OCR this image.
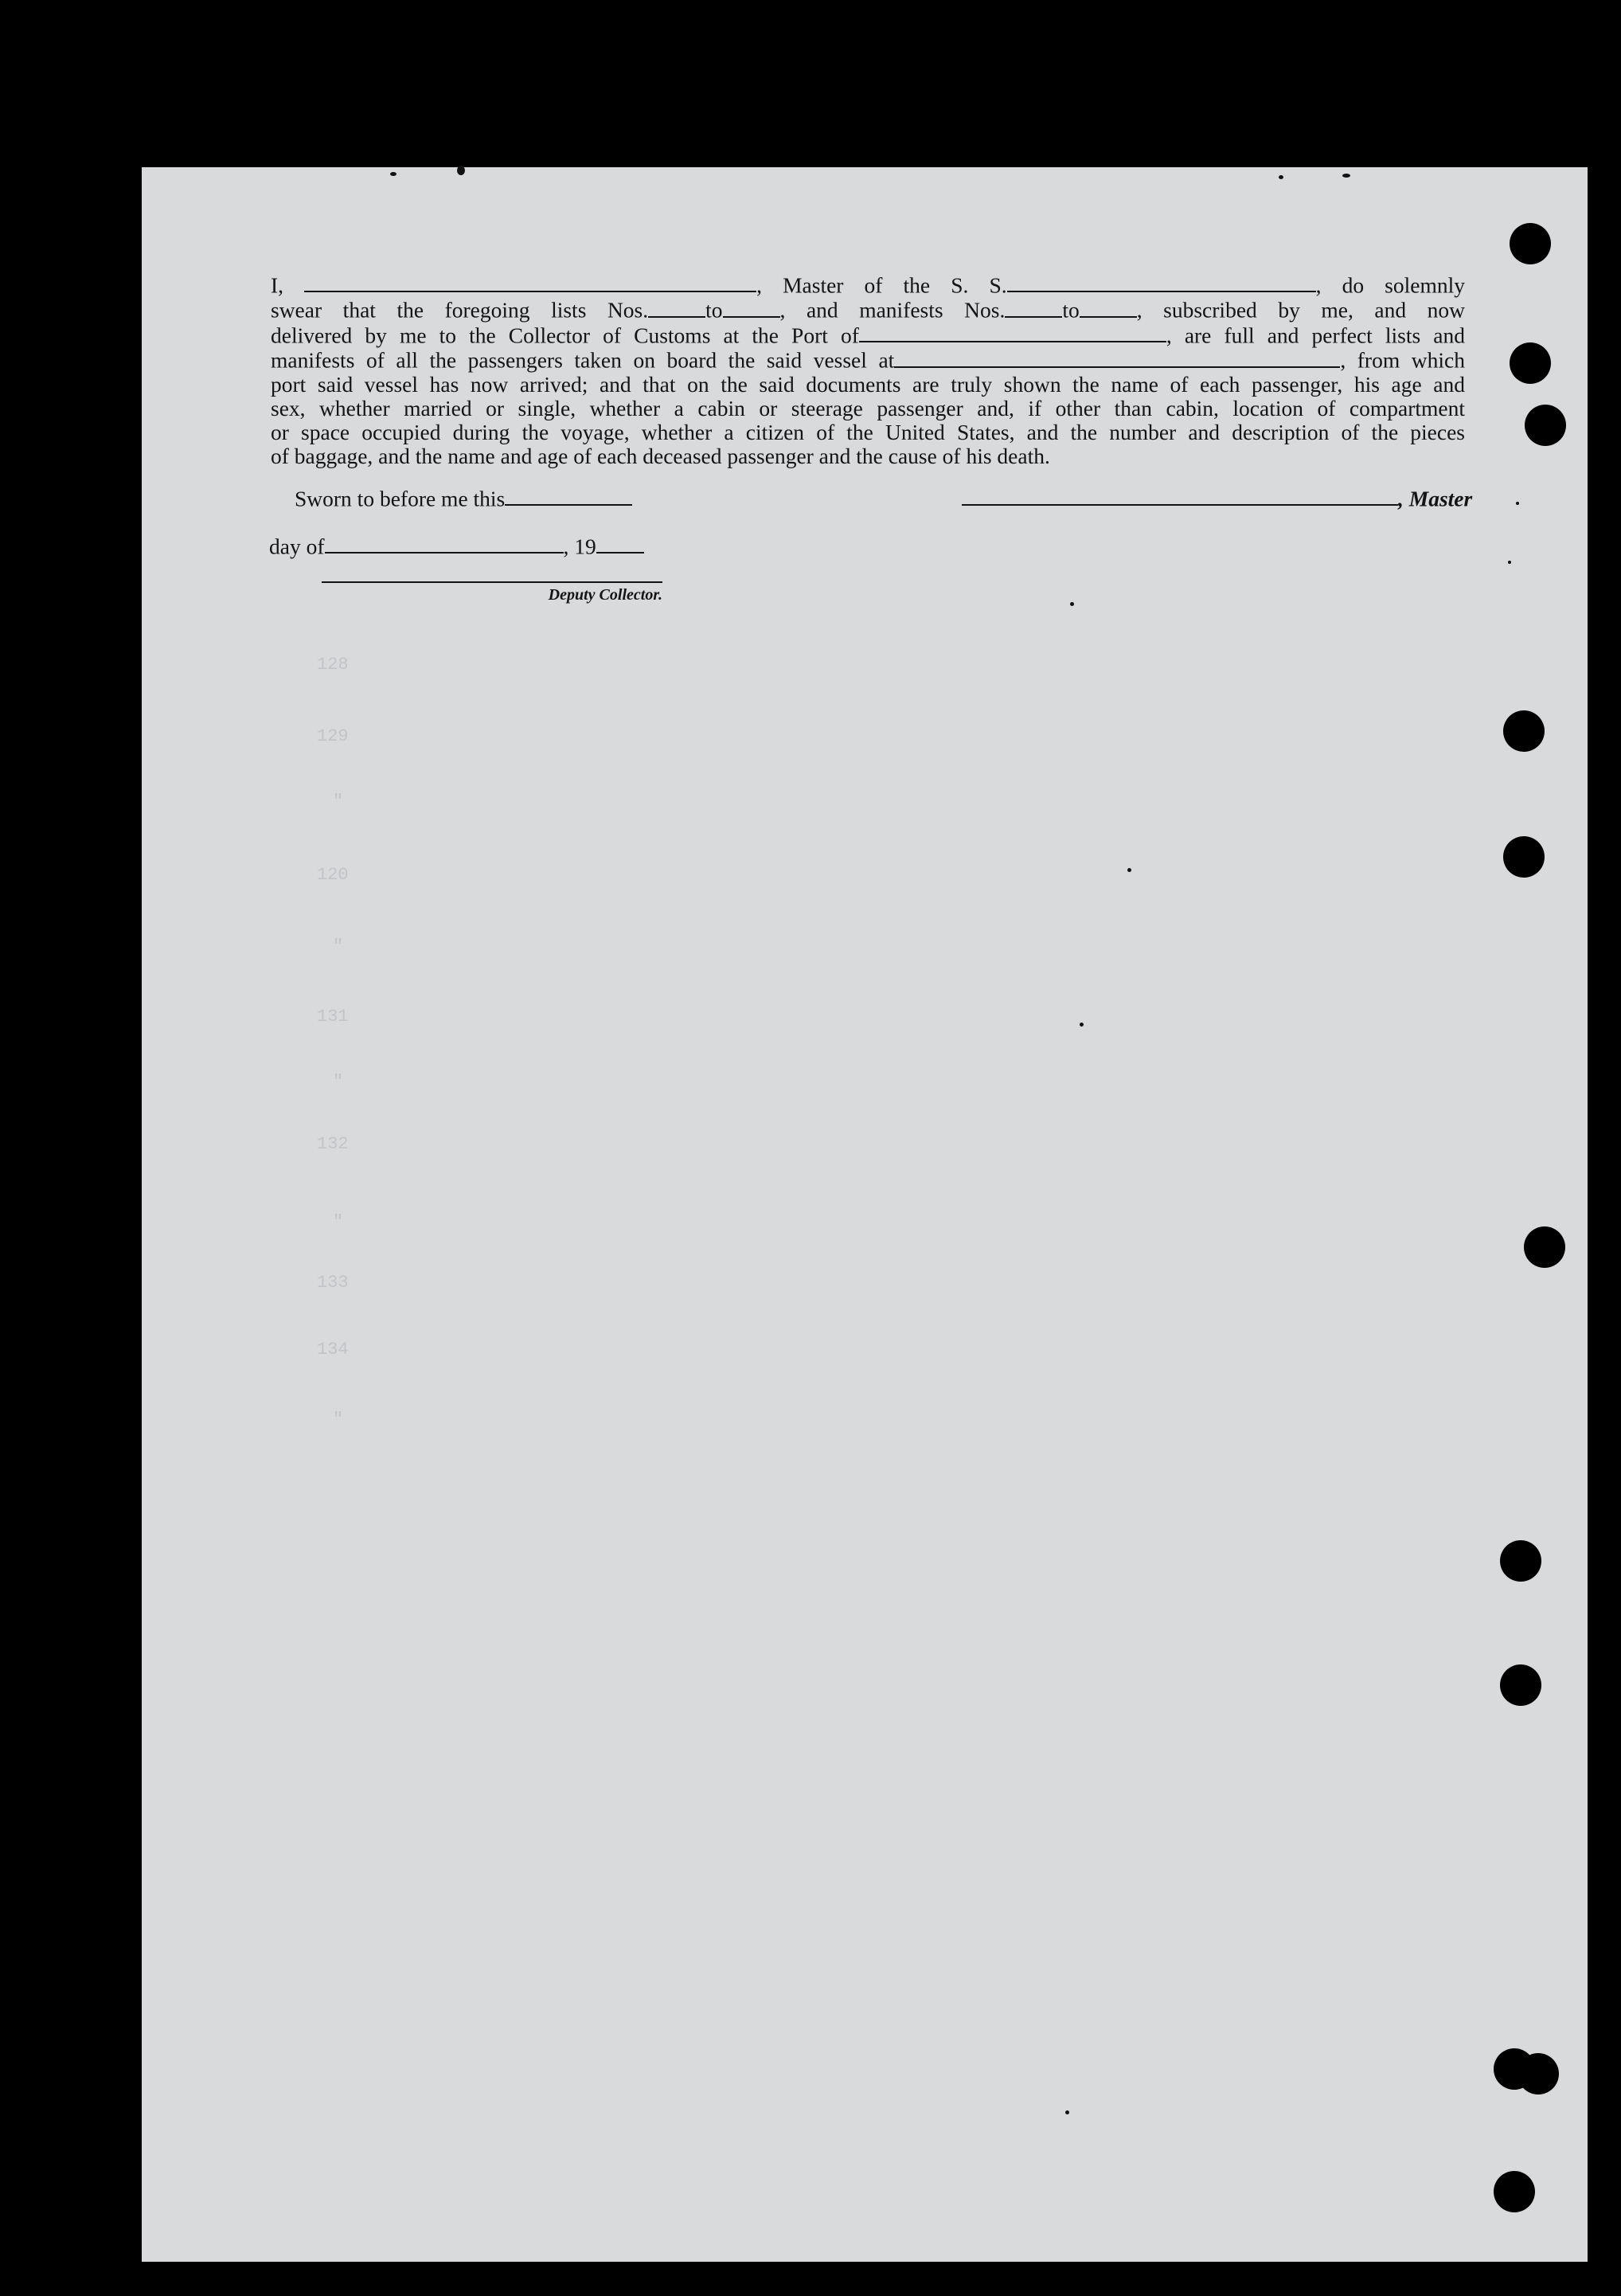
128
129
"
120
"
131
"
132
"
133
134
"

I,	, Master of the S. S.	, do solemnly

swear that the foregoing lists Nos.	to	, and manifests Nos.	to	, subscribed by me, and now

delivered by me to the Collector of Customs at the Port of	, are full and perfect lists and

manifests of all the passengers taken on board the said vessel at	, from which

port said vessel has now arrived; and that on the said documents are truly shown the name of each passenger, his age and

sex, whether married or single, whether a cabin or steerage passenger and, if other than cabin, location of compartment

or space occupied during the voyage, whether a citizen of the United States, and the number and description of the pieces

of baggage, and the name and age of each deceased passenger and the cause of his death.

Sworn to before me this	, Master
day of	, 19
Deputy Collector.
